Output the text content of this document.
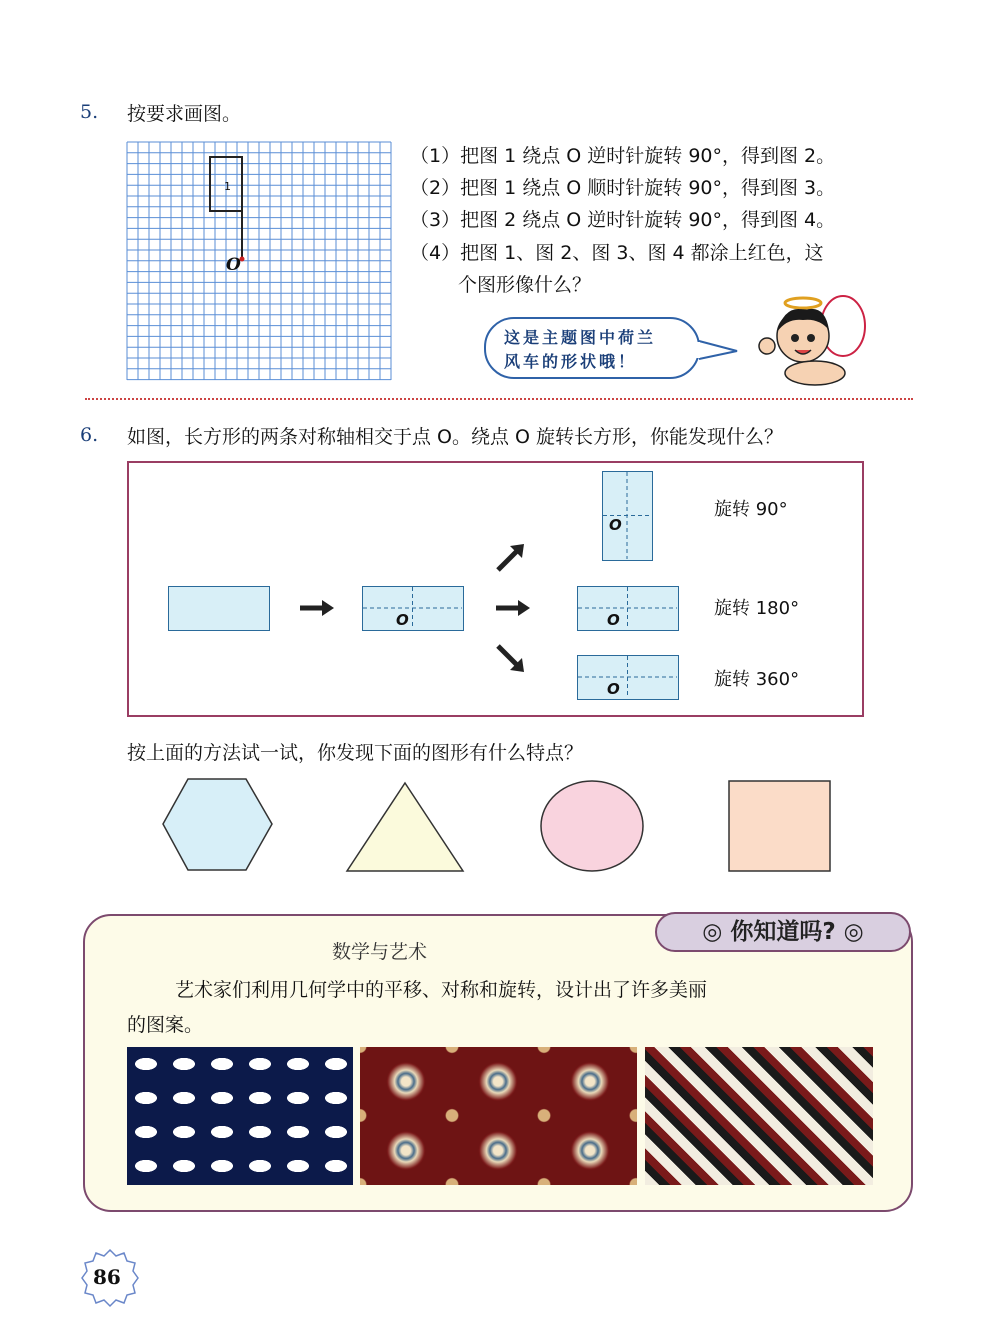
5. 按要求画图。
1
O
（1）把图 1 绕点 O 逆时针旋转 90°，得到图 2。
（2）把图 1 绕点 O 顺时针旋转 90°，得到图 3。
（3）把图 2 绕点 O 逆时针旋转 90°，得到图 4。
（4）把图 1、图 2、图 3、图 4 都涂上红色，这
个图形像什么？
这是主题图中荷兰
风车的形状哦！
6. 如图，长方形的两条对称轴相交于点 O。绕点 O 旋转长方形，你能发现什么？
O
O
旋转 90°
O
旋转 180°
O	旋转 360°
按上面的方法试一试，你发现下面的图形有什么特点？
◎ 你知道吗? ◎
数学与艺术
艺术家们利用几何学中的平移、对称和旋转，设计出了许多美丽
的图案。
86
